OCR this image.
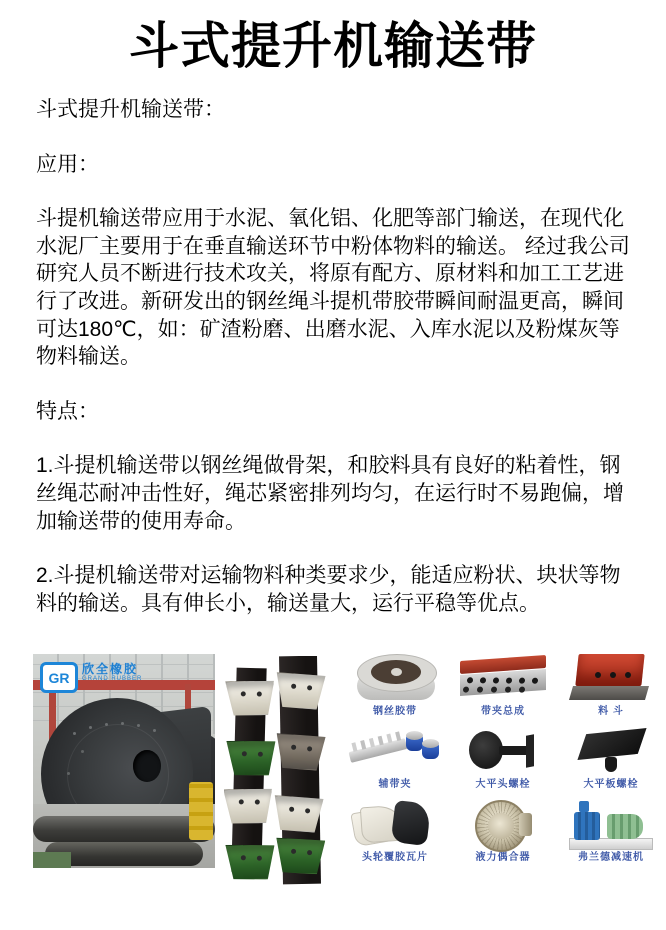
斗式提升机输送带

斗式提升机输送带：

应用：

斗提机输送带应用于水泥、氧化铝、化肥等部门输送，在现代化水泥厂主要用于在垂直输送环节中粉体物料的输送。 经过我公司研究人员不断进行技术攻关，将原有配方、原材料和加工工艺进行了改进。新研发出的钢丝绳斗提机带胶带瞬间耐温更高，瞬间可达180℃，如：矿渣粉磨、出磨水泥、入库水泥以及粉煤灰等物料输送。

特点：

1.斗提机输送带以钢丝绳做骨架，和胶料具有良好的粘着性，钢丝绳芯耐冲击性好，绳芯紧密排列均匀，在运行时不易跑偏，增加输送带的使用寿命。

2.斗提机输送带对运输物料种类要求少，能适应粉状、块状等物料的输送。具有伸长小，输送量大，运行平稳等优点。

GR
欣全橡胶
GRAND RUBBER
钢丝胶带	带夹总成	料 斗
辅带夹	大平头螺栓	大平板螺栓
头轮覆胶瓦片	液力偶合器	弗兰德减速机
